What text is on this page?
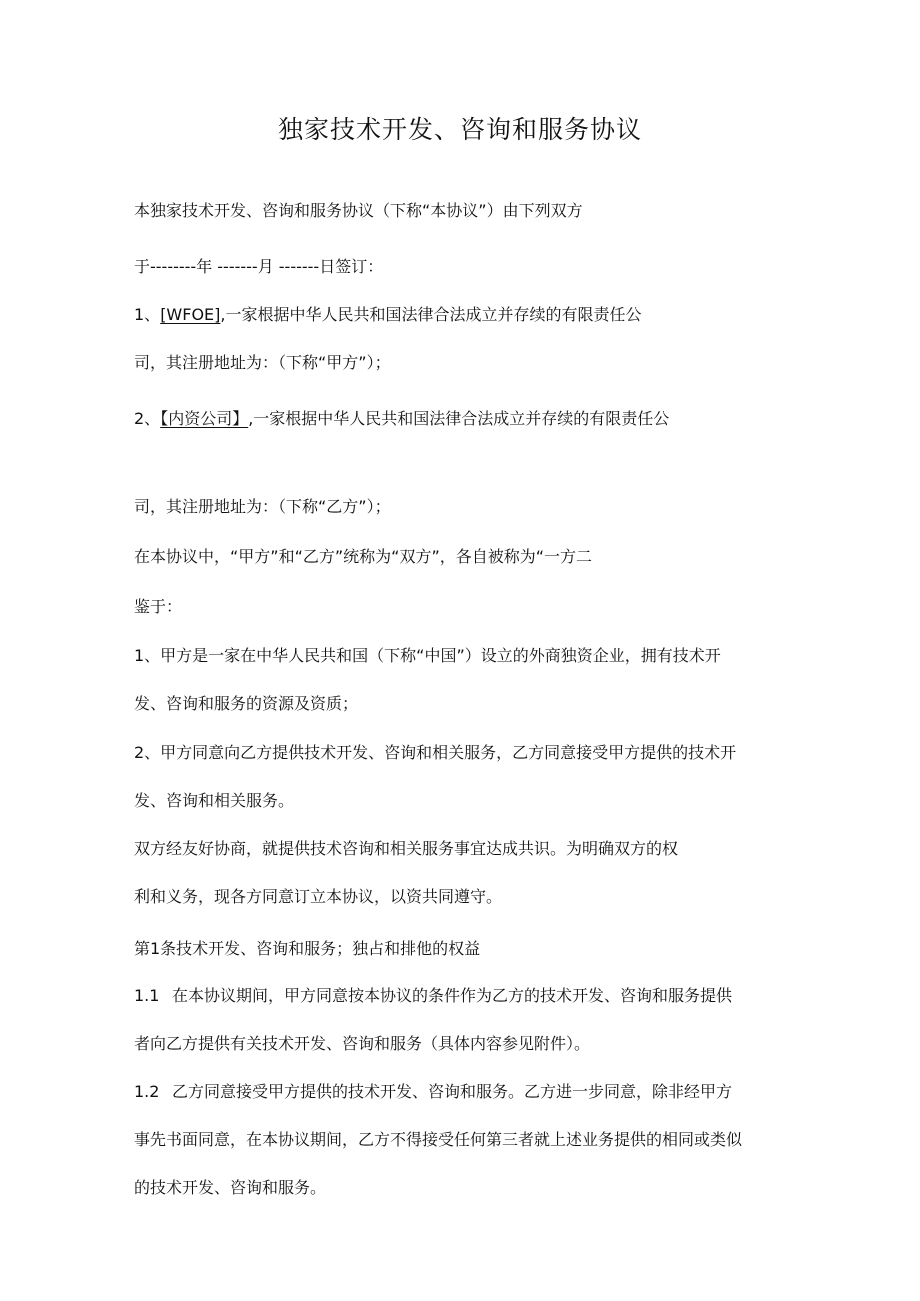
独家技术开发、咨询和服务协议
本独家技术开发、咨询和服务协议（下称“本协议”）由下列双方
于--------年 -------月 -------日签订：
1、[WFOE],一家根据中华人民共和国法律合法成立并存续的有限责任公
司，其注册地址为：（下称“甲方”）；
2、【内资公司】,一家根据中华人民共和国法律合法成立并存续的有限责任公
司，其注册地址为：（下称“乙方”）；
在本协议中，“甲方”和“乙方”统称为“双方”，各自被称为“一方二
鉴于：
1、甲方是一家在中华人民共和国（下称“中国”）设立的外商独资企业，拥有技术开
发、咨询和服务的资源及资质；
2、甲方同意向乙方提供技术开发、咨询和相关服务，乙方同意接受甲方提供的技术开
发、咨询和相关服务。
双方经友好协商，就提供技术咨询和相关服务事宜达成共识。为明确双方的权
利和义务，现各方同意订立本协议，以资共同遵守。
第1条技术开发、咨询和服务；独占和排他的权益
1.1 在本协议期间，甲方同意按本协议的条件作为乙方的技术开发、咨询和服务提供
者向乙方提供有关技术开发、咨询和服务（具体内容参见附件）。
1.2 乙方同意接受甲方提供的技术开发、咨询和服务。乙方进一步同意，除非经甲方
事先书面同意，在本协议期间，乙方不得接受任何第三者就上述业务提供的相同或类似
的技术开发、咨询和服务。
